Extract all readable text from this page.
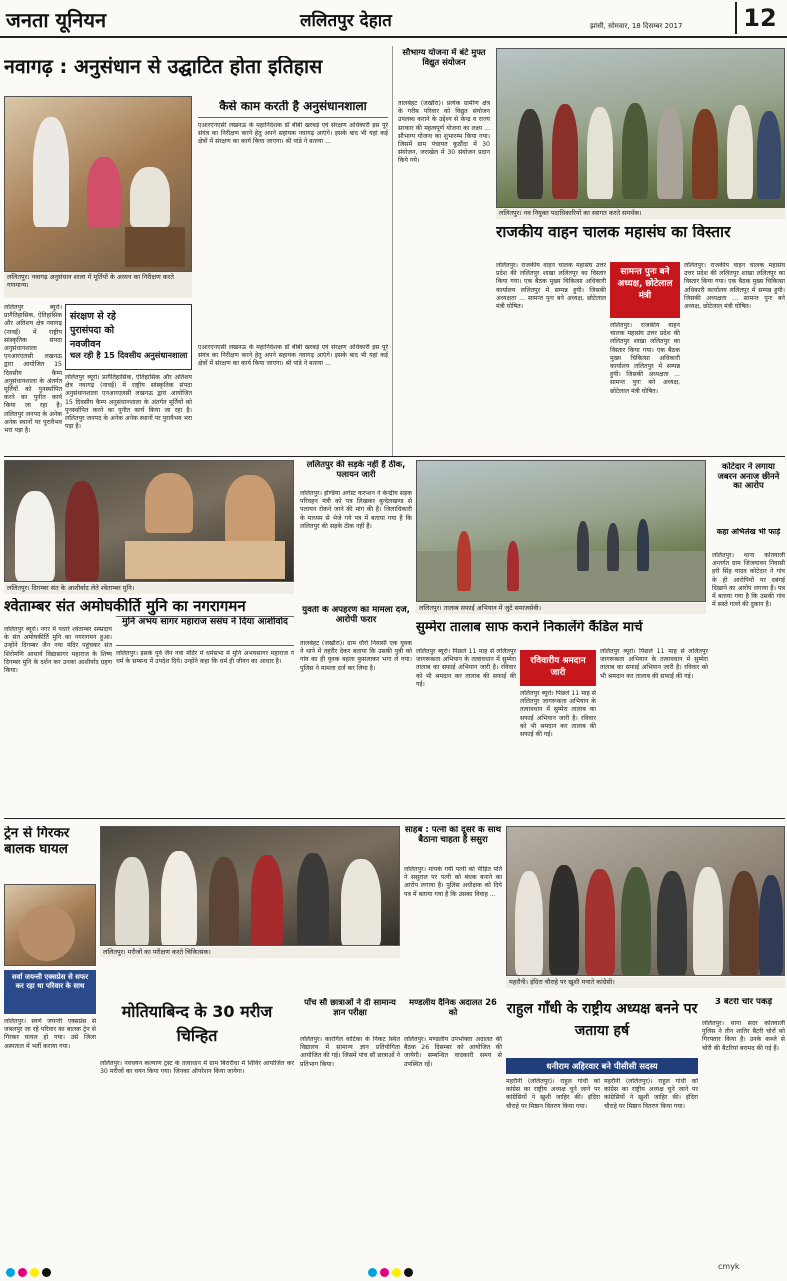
जनता यूनियन	ललितपुर देहात	झांसी, सोमवार, 18 दिसम्बर 2017	12
नवागढ़ : अनुसंधान से उद्घाटित होता इतिहास
ललितपुर। नवागढ़ अनुसंधान शाला में मूर्तियों के अध्यन का निरीक्षण करते गणमान्य।
कैसे काम करती है अनुसंधानशाला
एआरएनएसी लखनऊ के महानिदेशक डॉ बीबी खरबड़े एवं संरक्षण अधिकारी इस पूरे संयंत्र का निरीक्षण करने हेतु अपने सहायक नवागढ़ आएंगे। इसके बाद भी यहां कई क्षेत्रों में संरक्षण का कार्य किया जाएगा। श्री पांडे ने बताया ...
संरक्षण से रहे
पुरासंपदा को
नवजीवन
चल रही है 15 दिवसीय अनुसंधानशाला
ललितपुर ब्यूरो। प्रागैतिहासिक, ऐतिहासिक और अतिशय क्षेत्र नवागढ़ (नावई) में राष्ट्रीय सांस्कृतिक संपदा अनुसंधानशाला एनआरएलसी लखनऊ द्वारा आयोजित 15 दिवसीय कैम्प अनुसंधानशाला के अंतर्गत मूर्तियों को पुनर्स्थापित करने का पुनीत कार्य किया जा रहा है। ललितपुर जनपद के अनेक अनेक स्थानों पर पुरावैभव भरा पड़ा है।
ललितपुर ब्यूरो। प्रागैतिहासिक, ऐतिहासिक और अतिशय क्षेत्र नवागढ़ (नावई) में राष्ट्रीय सांस्कृतिक संपदा अनुसंधानशाला एनआरएलसी लखनऊ द्वारा आयोजित 15 दिवसीय कैम्प अनुसंधानशाला के अंतर्गत मूर्तियों को पुनर्स्थापित करने का पुनीत कार्य किया जा रहा है। ललितपुर जनपद के अनेक अनेक स्थानों पर पुरावैभव भरा पड़ा है।
एआरएनएसी लखनऊ के महानिदेशक डॉ बीबी खरबड़े एवं संरक्षण अधिकारी इस पूरे संयंत्र का निरीक्षण करने हेतु अपने सहायक नवागढ़ आएंगे। इसके बाद भी यहां कई क्षेत्रों में संरक्षण का कार्य किया जाएगा। श्री पांडे ने बताया ...
सौभाग्य योजना में बंटे मुफ्त विद्युत संयोजन
तालबेहट (जखौरा)। प्रत्येक ग्रामीण क्षेत्र के गरीब परिवार को विद्युत संयोजन उपलब्ध कराने के उद्देश्य से केन्द्र व राज्य सरकार की महत्वपूर्ण योजना का लक्ष्य ... सौभाग्य योजना का शुभारम्भ किया गया। जिसमें ग्राम पंचायत कुठौंदा में 30 संयोजन, जराखेल में 30 संयोजन प्रदान किये गये।
ललितपुर। नव नियुक्त पदाधिकारियों का स्वागत करते समर्थक।
राजकीय वाहन चालक महासंघ का विस्तार
ललितपुर। राजकीय वाहन चालक महासंघ उत्तर प्रदेश की ललितपुर शाखा ललितपुर का विस्तार किया गया। एक बैठक मुख्य चिकित्सा अधिकारी कार्यालय ललितपुर में सम्पन्न हुयी। जिसकी अध्यक्षता ... सामन्त पुनः बने अध्यक्ष, छोटेलाल मंत्री घोषित।
सामन्त पुनः बने अध्यक्ष, छोटेलाल मंत्री
ललितपुर। राजकीय वाहन चालक महासंघ उत्तर प्रदेश की ललितपुर शाखा ललितपुर का विस्तार किया गया। एक बैठक मुख्य चिकित्सा अधिकारी कार्यालय ललितपुर में सम्पन्न हुयी। जिसकी अध्यक्षता ... सामन्त पुनः बने अध्यक्ष, छोटेलाल मंत्री घोषित।
ललितपुर। राजकीय वाहन चालक महासंघ उत्तर प्रदेश की ललितपुर शाखा ललितपुर का विस्तार किया गया। एक बैठक मुख्य चिकित्सा अधिकारी कार्यालय ललितपुर में सम्पन्न हुयी। जिसकी अध्यक्षता ... सामन्त पुनः बने अध्यक्ष, छोटेलाल मंत्री घोषित।
ललितपुर की सड़के नहीं हैं ठीक, पलायन जारी
ललितपुर। इण्डिया अगेंस्ट करप्शन ने केन्द्रीय सड़क परिवहन मंत्री को पत्र लिखकर बुन्देलखण्ड से पलायन रोकने जाने की मांग की है। जिलाधिकारी के माध्यम से भेजे गये पत्र में बताया गया है कि ललितपुर की सड़के ठीक नहीं हैं।
ललितपुर। दिगम्बर संत के आशीर्वाद लेते श्वेताम्बर मुनि।
ललितपुर। तालाब सफाई अभियान में जुटे समाजसेवी।
कोटेदार ने लगाया जबरन अनाज छीनने का आरोप
कहा अभिलेख भी फाड़े
ललितपुर। थाना कोतवाली अन्तर्गत ग्राम जिजयावन निवासी हरी सिंह यादव कोटेदार ने गांव के ही आरोपियों पर दबंगई दिखाने का आरोप लगाया है। पत्र में बताया गया है कि उसकी गांव में सस्ते गल्ले की दुकान है।
श्वेताम्बर संत अमोघकीर्ति मुनि का नगरागमन
ललितपुर ब्यूरो। नगर में पधारे श्वेताम्बर सम्प्रदाय के संत अमोघकीर्ति मुनि का नगरागमन हुआ। उन्होंने दिगम्बर जैन नया मंदिर पहुंचकर संत शिरोमणि आचार्य विद्यासागर महाराज के शिष्य दिगम्बर मुनि के दर्शन कर उनका आशीर्वाद ग्रहण किया।
मुनि अभय सागर महाराज ससंघ ने दिया आशीर्वाद
ललितपुर। इसके पूर्व जैन नवा मंदिर में धर्मसभा में मुनि अभयसागर महाराज ने धर्म के सम्बन्ध में उपदेश दिये। उन्होंने कहा कि धर्म ही जीवन का आधार है।
युवती के अपहरण का मामला दर्ज, आरोपी फरार
तालबेहट (जखौरा)। ग्राम धौर्रा निवासी एक युवक ने थाने में तहरीर देकर बताया कि उसकी पुत्री को गांव का ही युवक बहला फुसलाकर भगा ले गया। पुलिस ने मामला दर्ज कर लिया है।
सुम्मेरा तालाब साफ कराने निकालेंगे कैंडिल मार्च
ललितपुर ब्यूरो। पिछले 11 माह से ललितपुर जागरूकता अभियान के तत्वावधान में सुम्मेरा तालाब का सफाई अभियान जारी है। रविवार को भी श्रमदान कर तालाब की सफाई की गई।
रविवारीय श्रमदान जारी
ललितपुर ब्यूरो। पिछले 11 माह से ललितपुर जागरूकता अभियान के तत्वावधान में सुम्मेरा तालाब का सफाई अभियान जारी है। रविवार को भी श्रमदान कर तालाब की सफाई की गई।
ललितपुर ब्यूरो। पिछले 11 माह से ललितपुर जागरूकता अभियान के तत्वावधान में सुम्मेरा तालाब का सफाई अभियान जारी है। रविवार को भी श्रमदान कर तालाब की सफाई की गई।
ट्रेन से गिरकर बालक घायल
सर्वा जयन्ती एक्सप्रेस से सफर कर रहा था परिवार के साथ
ललितपुर। स्वर्ण जयन्ती एक्सप्रेस से जबलपुर जा रहे परिवार का बालक ट्रेन से गिरकर घायल हो गया। उसे जिला अस्पताल में भर्ती कराया गया।
ललितपुर। मरीजों का परीक्षण करते चिकित्सक।
साहब : पत्नी को दूसरे के साथ बैठाना चाहता है ससुरा
ललितपुर। मायके गयी पत्नी को पीड़ित पति ने ससुराल पर पत्नी को बंधक बनाने का आरोप लगाया है। पुलिस अधीक्षक को दिये पत्र में बताया गया है कि उसका विवाह ...
महरौनी। इंदिरा चौराहे पर खुशी मनाते कांग्रेसी।
मोतियाबिन्द के 30 मरीज चिन्हित
ललितपुर। नवचयन कल्याण ट्रस्ट के तत्वाधान में ग्राम बिरारीधा में शिविर आयोजित कर 30 मरीजों का चयन किया गया। जिनका ऑपरेशन किया जायेगा।
पाँच सौ छात्राओं ने दी सामान्य ज्ञान परीक्षा
ललितपुर। कारगिल वाटिका के निकट स्थित विद्यालय में सामान्य ज्ञान प्रतियोगिता आयोजित की गई। जिसमें पांच सौ छात्राओं ने प्रतिभाग किया।
मण्डलीय दैनिक अदालत 26 को
ललितपुर। मण्डलीय उपभोक्ता अदालत की बैठक 26 दिसम्बर को आयोजित की जायेगी। सम्बन्धित वादकारी समय से उपस्थित रहें।
राहुल गाँधी के राष्ट्रीय अध्यक्ष बनने पर जताया हर्ष
धनीराम अहिरवार बने पीसीसी सदस्य
महरौनी (ललितपुर)। राहुल गांधी को कांग्रेस का राष्ट्रीय अध्यक्ष चुने जाने पर कांग्रेसियों ने खुशी जाहिर की। इंदिरा चौराहे पर मिष्ठान वितरण किया गया।
महरौनी (ललितपुर)। राहुल गांधी को कांग्रेस का राष्ट्रीय अध्यक्ष चुने जाने पर कांग्रेसियों ने खुशी जाहिर की। इंदिरा चौराहे पर मिष्ठान वितरण किया गया।
3 बैटरी चोर पकड़े
ललितपुर। थाना सदर कोतवाली पुलिस ने तीन शातिर बैटरी चोरों को गिरफ्तार किया है। उनके कब्जे से चोरी की बैटरियां बरामद की गई हैं।
cmyk
